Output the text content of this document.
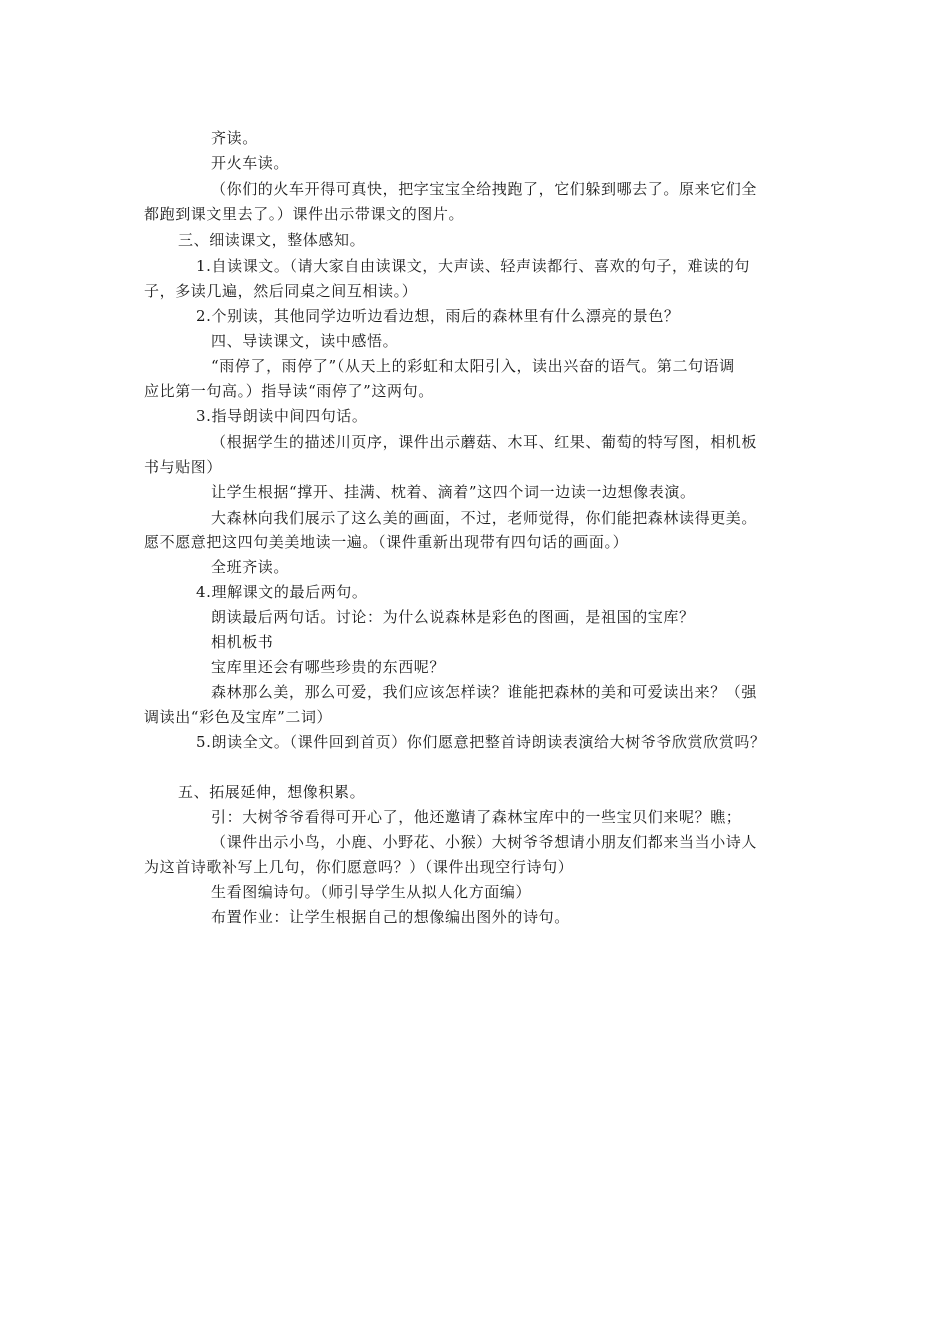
齐读。
开火车读。
（你们的火车开得可真快，把字宝宝全给拽跑了，它们躲到哪去了。原来它们全
都跑到课文里去了。）课件出示带课文的图片。
三、细读课文，整体感知。
1.自读课文。（请大家自由读课文，大声读、轻声读都行、喜欢的句子，难读的句
子，多读几遍，然后同桌之间互相读。）
2.个别读，其他同学边听边看边想，雨后的森林里有什么漂亮的景色？
四、导读课文，读中感悟。
“雨停了，雨停了”（从天上的彩虹和太阳引入，读出兴奋的语气。第二句语调
应比第一句高。）指导读“雨停了”这两句。
3.指导朗读中间四句话。
（根据学生的描述川页序，课件出示蘑菇、木耳、红果、葡萄的特写图，相机板
书与贴图）
让学生根据“撑开、挂满、枕着、滴着”这四个词一边读一边想像表演。
大森林向我们展示了这么美的画面，不过，老师觉得，你们能把森林读得更美。
愿不愿意把这四句美美地读一遍。（课件重新出现带有四句话的画面。）
全班齐读。
4.理解课文的最后两句。
朗读最后两句话。讨论：为什么说森林是彩色的图画，是祖国的宝库？
相机板书
宝库里还会有哪些珍贵的东西呢？
森林那么美，那么可爱，我们应该怎样读？谁能把森林的美和可爱读出来？（强
调读出“彩色及宝库”二词）
5.朗读全文。（课件回到首页）你们愿意把整首诗朗读表演给大树爷爷欣赏欣赏吗？
五、拓展延伸，想像积累。
引：大树爷爷看得可开心了，他还邀请了森林宝库中的一些宝贝们来呢？瞧；
（课件出示小鸟，小鹿、小野花、小猴）大树爷爷想请小朋友们都来当当小诗人
为这首诗歌补写上几句，你们愿意吗？）（课件出现空行诗句）
生看图编诗句。（师引导学生从拟人化方面编）
布置作业：让学生根据自己的想像编出图外的诗句。
